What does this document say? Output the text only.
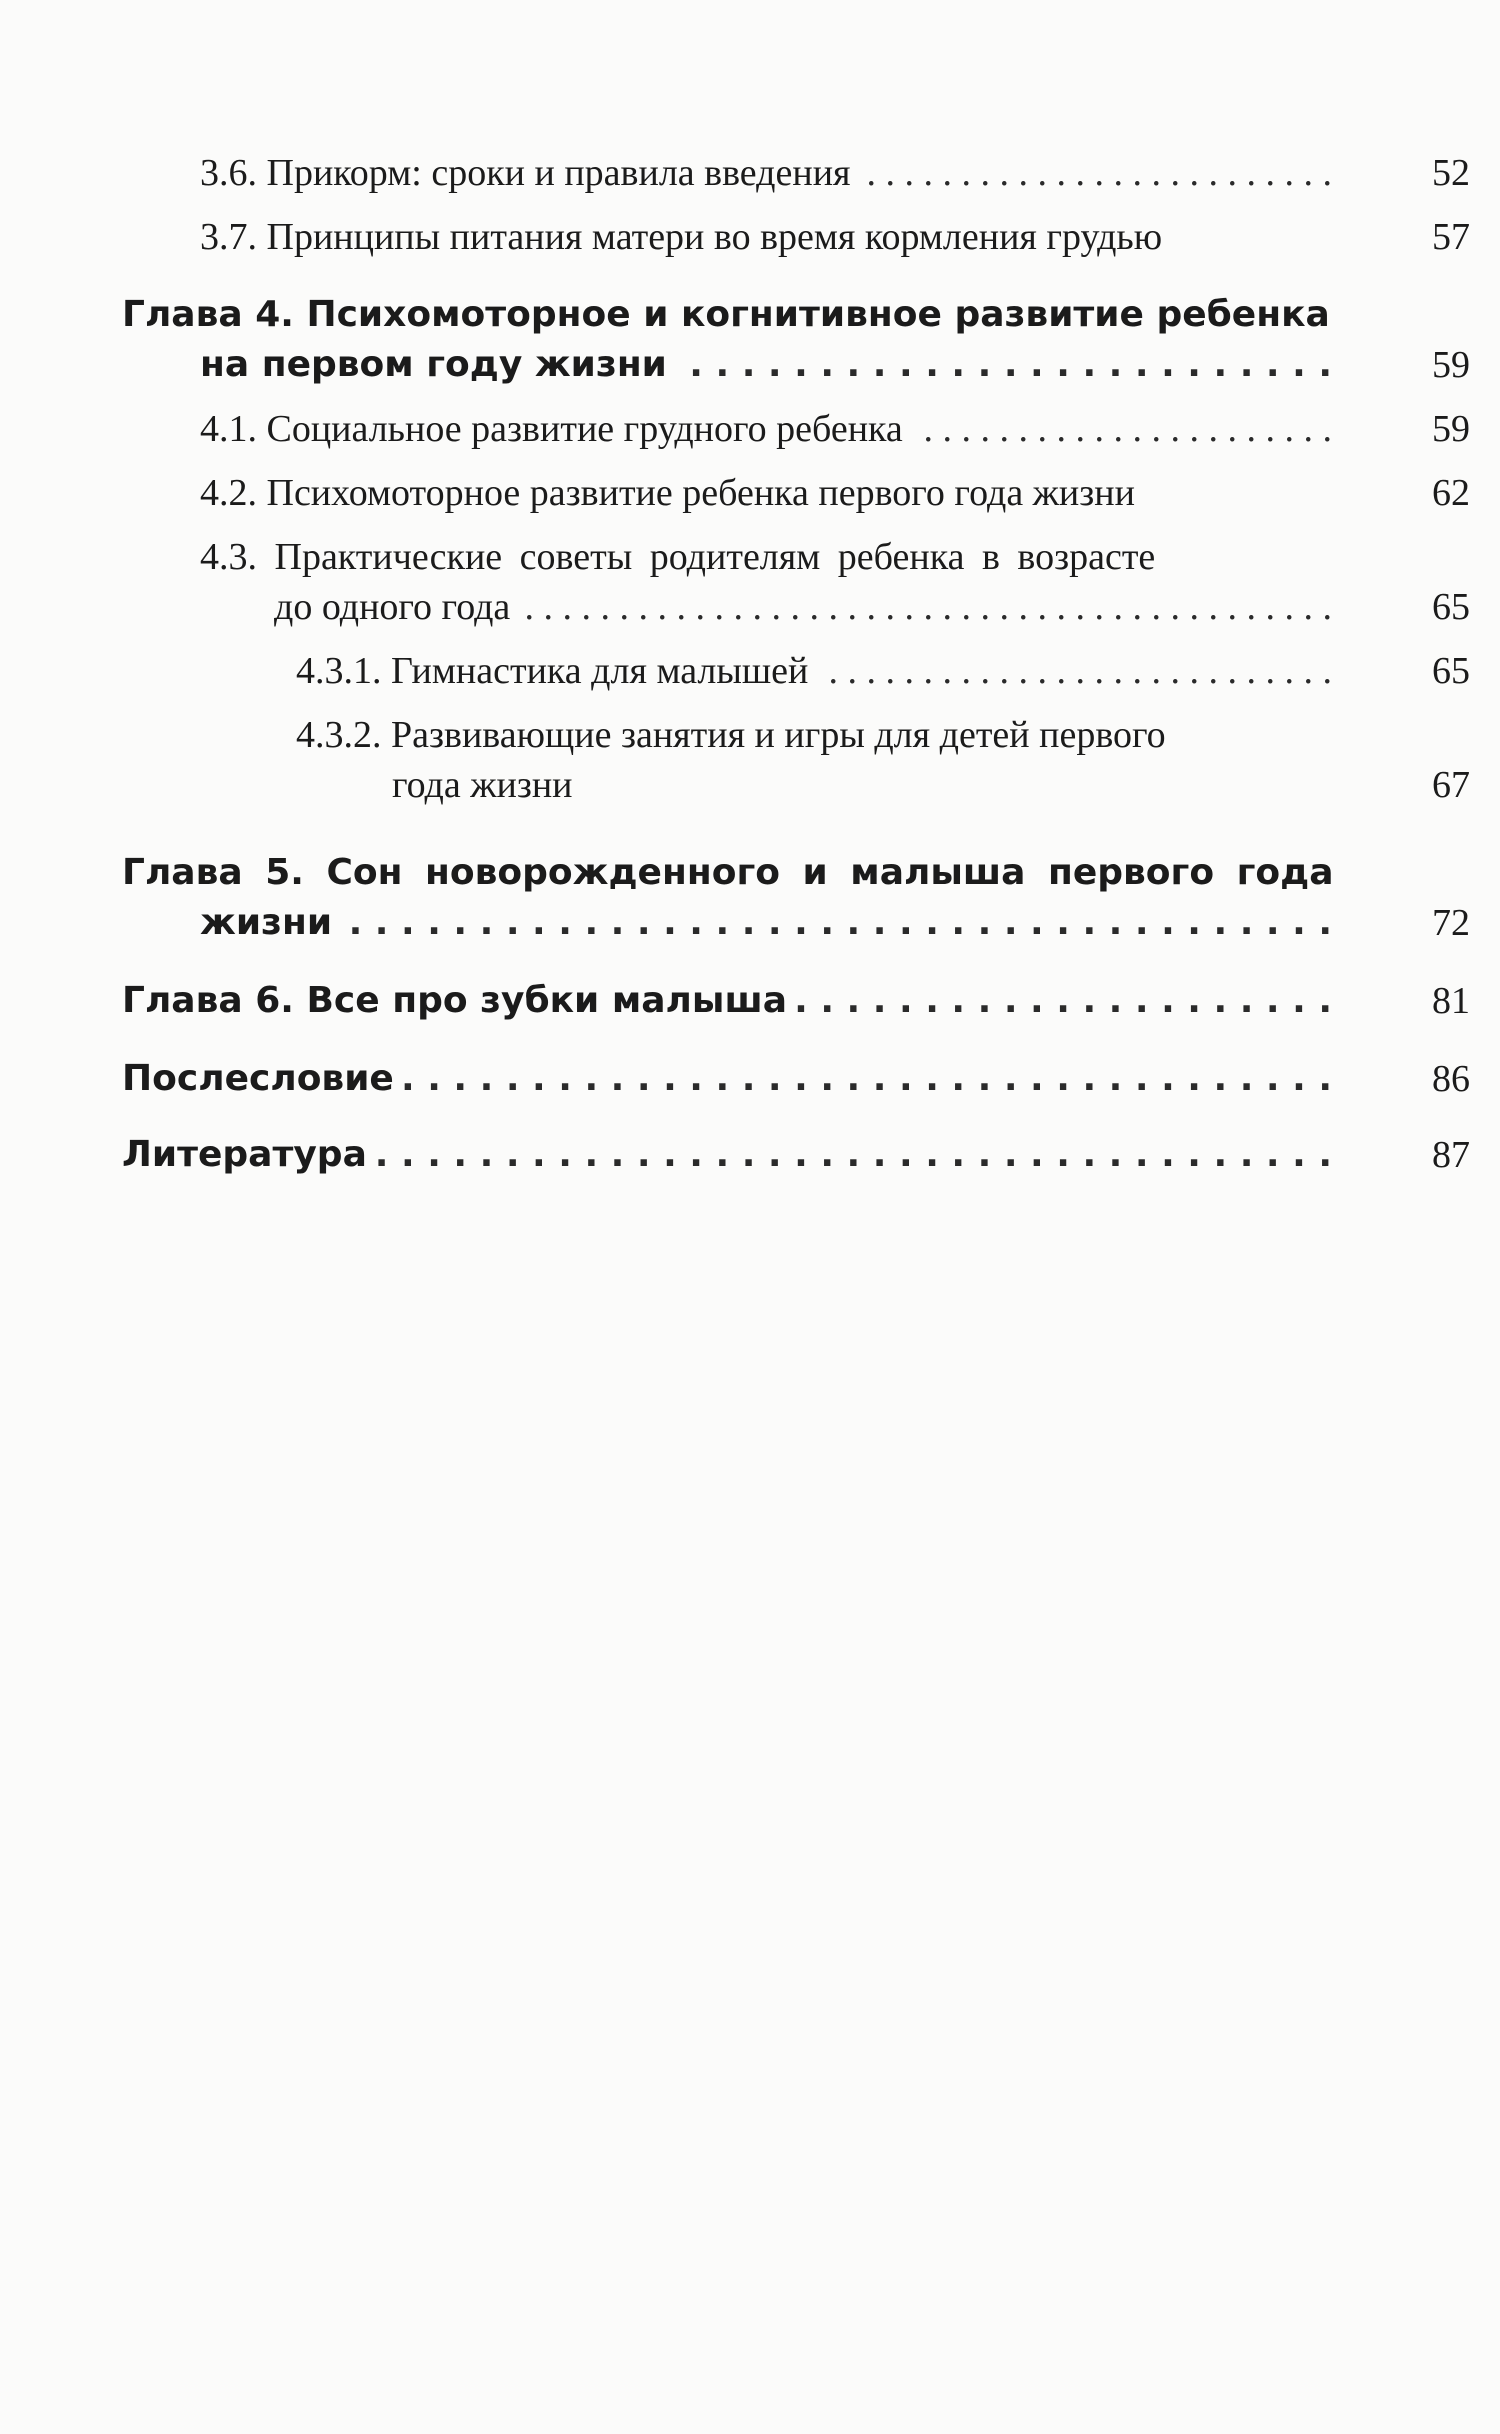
3.6. Прикорм: сроки и правила введения . . .	52
3.7. Принципы питания матери во время кормления грудью	57
Глава 4. Психомоторное и когнитивное развитие ребенка
на первом году жизни . . .	59
4.1. Социальное развитие грудного ребенка . . .	59
4.2. Психомоторное развитие ребенка первого года жизни	62
4.3. Практические советы родителям ребенка в возрасте
до одного года . . .	65
4.3.1. Гимнастика для малышей . . .	65
4.3.2. Развивающие занятия и игры для детей первого
года жизни	67
Глава 5. Сон новорожденного и малыша первого года
жизни . . .	72
Глава 6. Все про зубки малыша . . .	81
Послесловие . . .	86
Литература . . .	87
